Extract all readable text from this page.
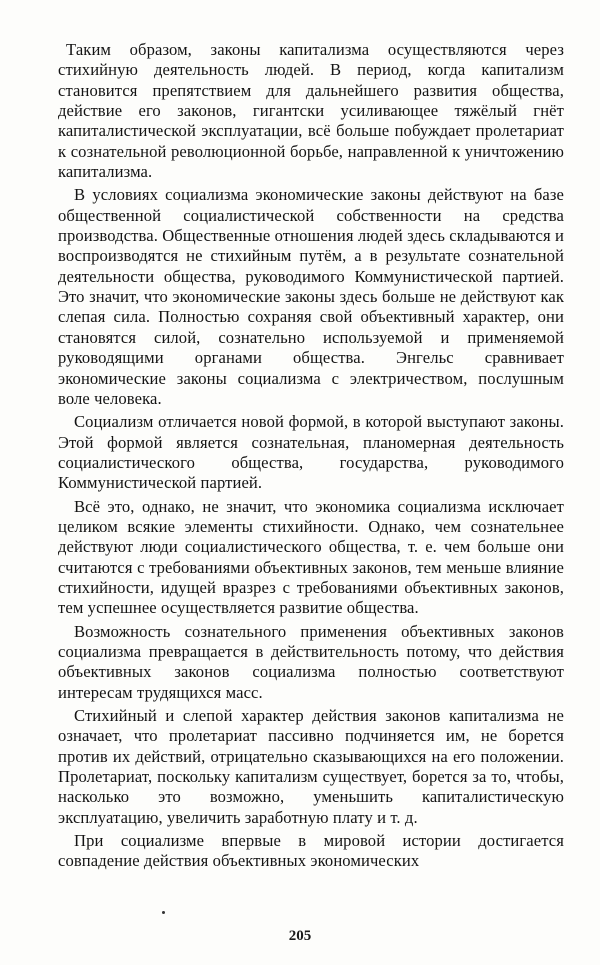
Таким образом, законы капитализма осуществляются через стихийную деятельность людей. В период, когда капитализм становится препятствием для дальнейшего развития общества, действие его законов, гигантски усиливающее тяжёлый гнёт капиталистической эксплуатации, всё больше побуждает пролетариат к сознательной революционной борьбе, направленной к уничтожению капитализма.

В условиях социализма экономические законы действуют на базе общественной социалистической собственности на средства производства. Общественные отношения людей здесь складываются и воспроизводятся не стихийным путём, а в результате сознательной деятельности общества, руководимого Коммунистической партией. Это значит, что экономические законы здесь больше не действуют как слепая сила. Полностью сохраняя свой объективный характер, они становятся силой, сознательно используемой и применяемой руководящими органами общества. Энгельс сравнивает экономические законы социализма с электричеством, послушным воле человека.

Социализм отличается новой формой, в которой выступают законы. Этой формой является сознательная, планомерная деятельность социалистического общества, государства, руководимого Коммунистической партией.

Всё это, однако, не значит, что экономика социализма исключает целиком всякие элементы стихийности. Однако, чем сознательнее действуют люди социалистического общества, т. е. чем больше они считаются с требованиями объективных законов, тем меньше влияние стихийности, идущей вразрез с требованиями объективных законов, тем успешнее осуществляется развитие общества.

Возможность сознательного применения объективных законов социализма превращается в действительность потому, что действия объективных законов социализма полностью соответствуют интересам трудящихся масс.

Стихийный и слепой характер действия законов капитализма не означает, что пролетариат пассивно подчиняется им, не борется против их действий, отрицательно сказывающихся на его положении. Пролетариат, поскольку капитализм существует, борется за то, чтобы, насколько это возможно, уменьшить капиталистическую эксплуатацию, увеличить заработную плату и т. д.

При социализме впервые в мировой истории достигается совпадение действия объективных экономических

205
